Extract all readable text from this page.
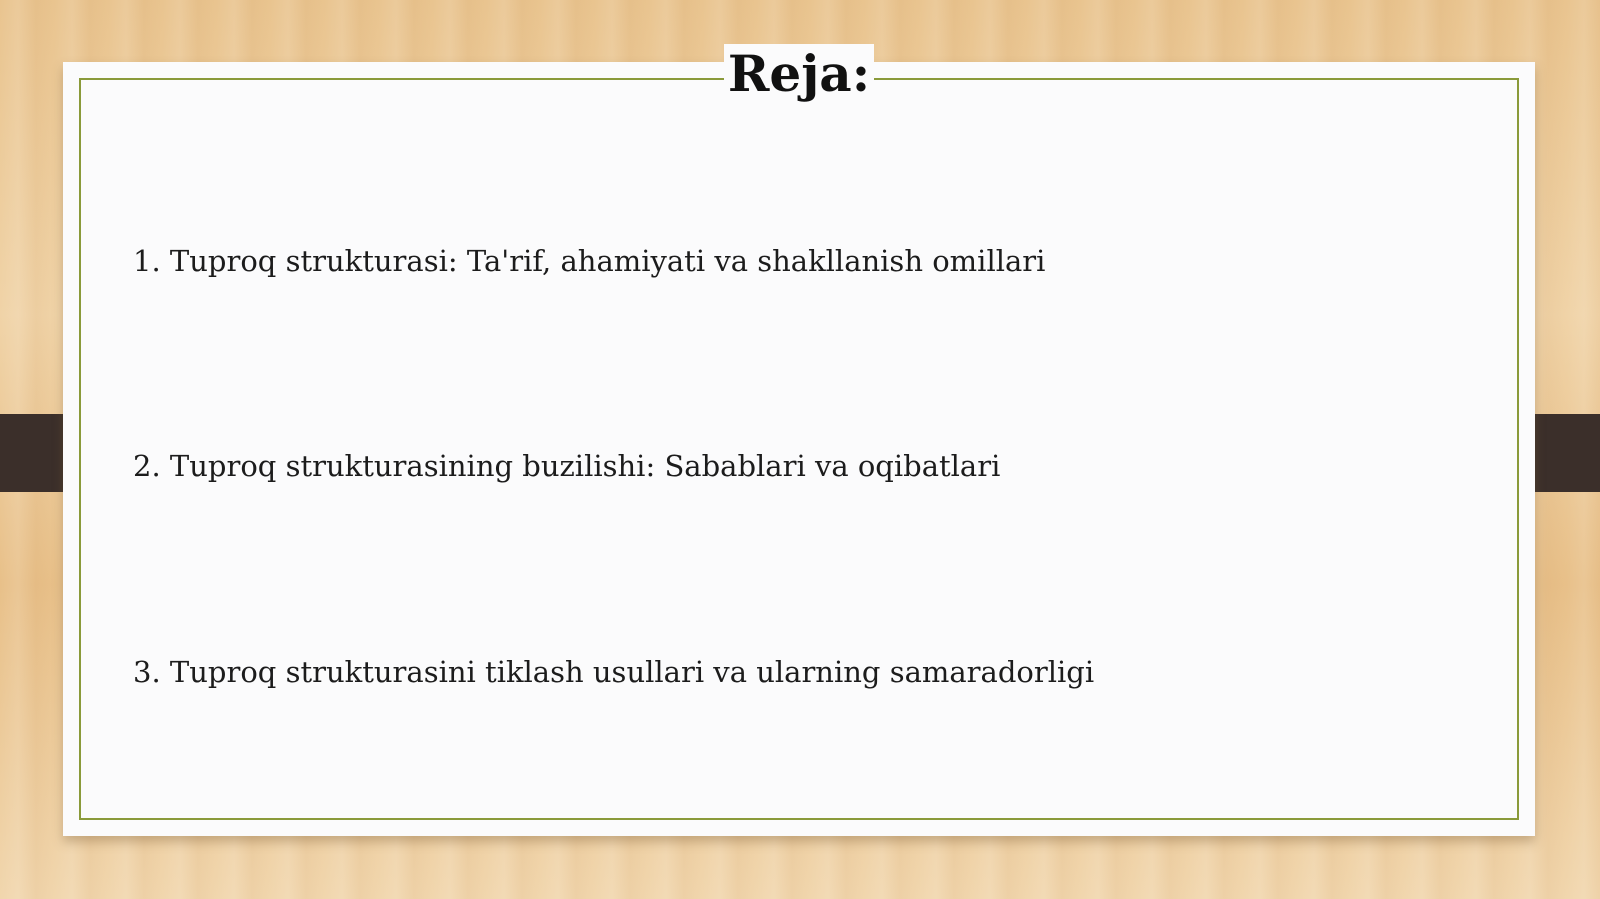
Reja:
1. Tuproq strukturasi: Ta'rif, ahamiyati va shakllanish omillari
2. Tuproq strukturasining buzilishi: Sabablari va oqibatlari
3. Tuproq strukturasini tiklash usullari va ularning samaradorligi
